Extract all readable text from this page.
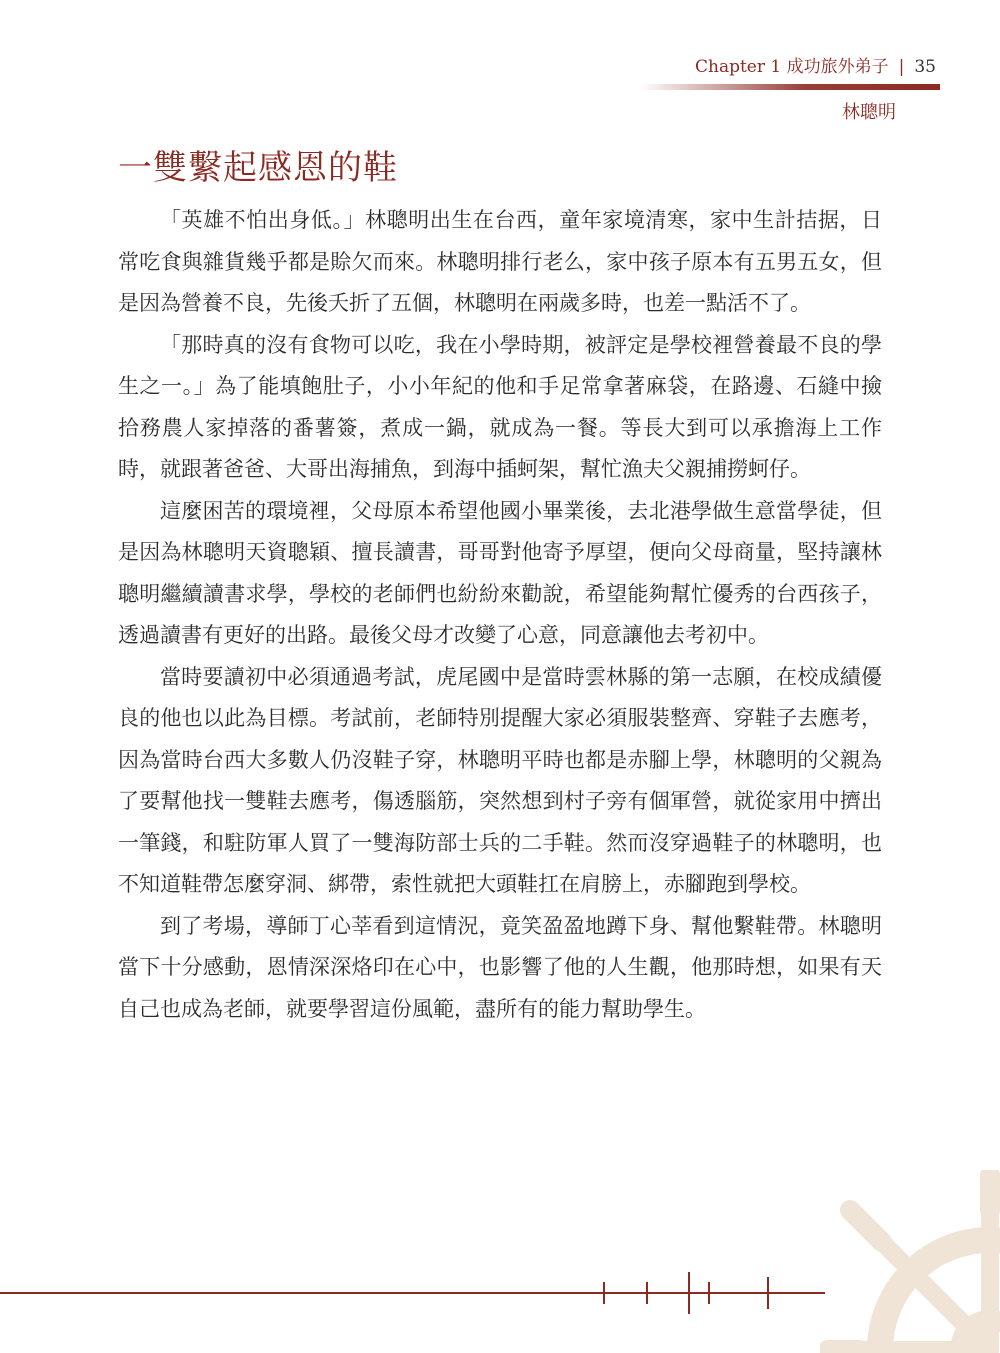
Chapter 1 成功旅外弟子 | 35
林聰明
一雙繫起感恩的鞋

「英雄不怕出身低。」林聰明出生在台西，童年家境清寒，家中生計拮据，日常吃食與雜貨幾乎都是賒欠而來。林聰明排行老么，家中孩子原本有五男五女，但是因為營養不良，先後夭折了五個，林聰明在兩歲多時，也差一點活不了。

「那時真的沒有食物可以吃，我在小學時期，被評定是學校裡營養最不良的學生之一。」為了能填飽肚子，小小年紀的他和手足常拿著麻袋，在路邊、石縫中撿拾務農人家掉落的番薯簽，煮成一鍋，就成為一餐。等長大到可以承擔海上工作時，就跟著爸爸、大哥出海捕魚，到海中插蚵架，幫忙漁夫父親捕撈蚵仔。

這麼困苦的環境裡，父母原本希望他國小畢業後，去北港學做生意當學徒，但是因為林聰明天資聰穎、擅長讀書，哥哥對他寄予厚望，便向父母商量，堅持讓林聰明繼續讀書求學，學校的老師們也紛紛來勸說，希望能夠幫忙優秀的台西孩子，透過讀書有更好的出路。最後父母才改變了心意，同意讓他去考初中。

當時要讀初中必須通過考試，虎尾國中是當時雲林縣的第一志願，在校成績優良的他也以此為目標。考試前，老師特別提醒大家必須服裝整齊、穿鞋子去應考，因為當時台西大多數人仍沒鞋子穿，林聰明平時也都是赤腳上學，林聰明的父親為了要幫他找一雙鞋去應考，傷透腦筋，突然想到村子旁有個軍營，就從家用中擠出一筆錢，和駐防軍人買了一雙海防部士兵的二手鞋。然而沒穿過鞋子的林聰明，也不知道鞋帶怎麼穿洞、綁帶，索性就把大頭鞋扛在肩膀上，赤腳跑到學校。

到了考場，導師丁心莘看到這情況，竟笑盈盈地蹲下身、幫他繫鞋帶。林聰明當下十分感動，恩情深深烙印在心中，也影響了他的人生觀，他那時想，如果有天自己也成為老師，就要學習這份風範，盡所有的能力幫助學生。
